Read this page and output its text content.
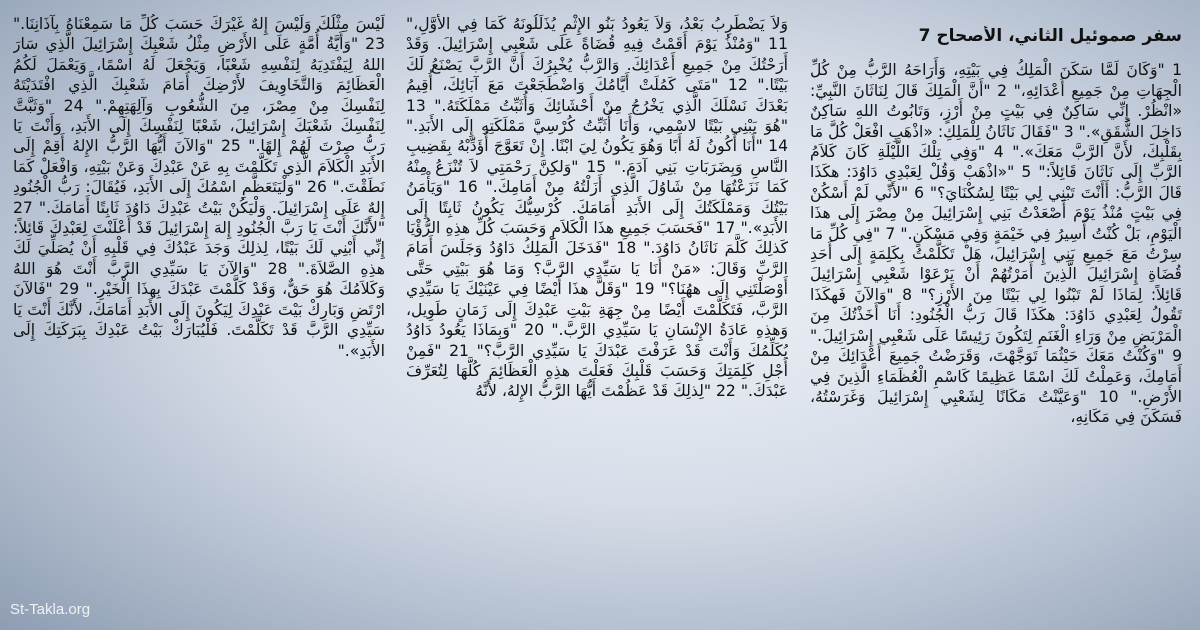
سفر صموئيل الثاني، الأصحاح 7
1 "وَكَانَ لَمَّا سَكَنَ الْمَلِكُ فِي بَيْتِهِ، وَأَرَاحَهُ الرَّبُّ مِنْ كُلِّ الْجِهَاتِ مِنْ جَمِيعِ أَعْدَائِهِ،" 2 "أَنَّ الْمَلِكَ قَالَ لِنَاثَانَ النَّبِيِّ: «انْظُرْ. إِنِّي سَاكِنٌ فِي بَيْتٍ مِنْ أَرْزٍ، وَتَابُوتُ اللهِ سَاكِنٌ دَاخِلَ الشُّقَقِ»." 3 "فَقَالَ نَاثَانُ لِلْمَلِكِ: «اذْهَبِ افْعَلْ كُلَّ مَا بِقَلْبِكَ، لأَنَّ الرَّبَّ مَعَكَ»." 4 "وَفِي تِلْكَ اللَّيْلَةِ كَانَ كَلاَمُ الرَّبِّ إِلَى نَاثَانَ قَائِلاً:" 5 "«اذْهَبْ وَقُلْ لِعَبْدِي دَاوُدَ: هكَذَا قَالَ الرَّبُّ: أَأَنْتَ تَبْنِي لِي بَيْتًا لِسُكْنَايَ؟" 6 "لأَنِّي لَمْ أَسْكُنْ فِي بَيْتٍ مُنْذُ يَوْمَ أَصْعَدْتُ بَنِي إِسْرَائِيلَ مِنْ مِصْرَ إِلَى هذَا الْيَوْمِ، بَلْ كُنْتُ أَسِيرُ فِي خَيْمَةٍ وَفِي مَسْكَنٍ." 7 "فِي كُلِّ مَا سِرْتُ مَعَ جَمِيعِ بَنِي إِسْرَائِيلَ، هَلْ تَكَلَّمْتُ بِكَلِمَةٍ إِلَى أَحَدِ قُضَاةِ إِسْرَائِيلَ الَّذِينَ أَمَرْتُهُمْ أَنْ يَرْعَوْا شَعْبِي إِسْرَائِيلَ قَائِلاً: لِمَاذَا لَمْ تَبْنُوا لِي بَيْتًا مِنَ الأَرْزِ؟" 8 "وَالآنَ فَهكَذَا تَقُولُ لِعَبْدِي دَاوُدَ: هكَذَا قَالَ رَبُّ الْجُنُودِ: أَنَا أَخَذْتُكَ مِنَ الْمَرْبَضِ مِنْ وَرَاءِ الْغَنَمِ لِتَكُونَ رَئِيسًا عَلَى شَعْبِي إِسْرَائِيلَ." 9 "وَكُنْتُ مَعَكَ حَيْثُمَا تَوَجَّهْتَ، وَقَرَضْتُ جَمِيعَ أَعْدَائِكَ مِنْ أَمَامِكَ، وَعَمِلْتُ لَكَ اسْمًا عَظِيمًا كَاسْمِ الْعُظَمَاءِ الَّذِينَ فِي الأَرْضِ." 10 "وَعَيَّنْتُ مَكَانًا لِشَعْبِي إِسْرَائِيلَ وَغَرَسْتُهُ، فَسَكَنَ فِي مَكَانِهِ،
وَلاَ يَضْطَرِبُ بَعْدُ، وَلاَ يَعُودُ بَنُو الإِثْمِ يُذَلِّلُونَهُ كَمَا فِي الأَوَّلِ،" 11 "وَمُنْذُ يَوْمَ أَقَمْتُ فِيهِ قُضَاةً عَلَى شَعْبِي إِسْرَائِيلَ. وَقَدْ أَرَحْتُكَ مِنْ جَمِيعِ أَعْدَائِكَ. وَالرَّبُّ يُخْبِرُكَ أَنَّ الرَّبَّ يَصْنَعُ لَكَ بَيْتًا." 12 "مَتَى كَمُلَتْ أَيَّامُكَ وَاضْطَجَعْتَ مَعَ آبَائِكَ، أُقِيمُ بَعْدَكَ نَسْلَكَ الَّذِي يَخْرُجُ مِنْ أَحْشَائِكَ وَأُثَبِّتُ مَمْلَكَتَهُ." 13 "هُوَ يَبْنِي بَيْتًا لاسْمِي، وَأَنَا أُثَبِّتُ كُرْسِيَّ مَمْلَكَتِهِ إِلَى الأَبَدِ." 14 "أَنَا أَكُونُ لَهُ أَبًا وَهُوَ يَكُونُ لِيَ ابْنًا. إِنْ تَعَوَّجَ أُؤَدِّبْهُ بِقَضِيبِ النَّاسِ وَبِضَرَبَاتِ بَنِي آدَمَ." 15 "وَلكِنَّ رَحْمَتِي لاَ تُنْزَعُ مِنْهُ كَمَا نَزَعْتُهَا مِنْ شَاوُلَ الَّذِي أَزَلْتُهُ مِنْ أَمَامِكَ." 16 "وَيَأْمَنُ بَيْتُكَ وَمَمْلَكَتُكَ إِلَى الأَبَدِ أَمَامَكَ. كُرْسِيُّكَ يَكُونُ ثَابِتًا إِلَى الأَبَدِ»." 17 "فَحَسَبَ جَمِيعِ هذَا الْكَلاَمِ وَحَسَبَ كُلِّ هذِهِ الرُّؤْيَا كَذلِكَ كَلَّمَ نَاثَانُ دَاوُدَ." 18 "فَدَخَلَ الْمَلِكُ دَاوُدُ وَجَلَسَ أَمَامَ الرَّبِّ وَقَالَ: «مَنْ أَنَا يَا سَيِّدِي الرَّبَّ؟ وَمَا هُوَ بَيْتِي حَتَّى أَوْصَلْتَنِي إِلَى ههُنَا؟" 19 "وَقَلَّ هذَا أَيْضًا فِي عَيْنَيْكَ يَا سَيِّدِي الرَّبَّ، فَتَكَلَّمْتَ أَيْضًا مِنْ جِهَةِ بَيْتِ عَبْدِكَ إِلَى زَمَانٍ طَوِيل، وَهذِهِ عَادَةُ الإِنْسَانِ يَا سَيِّدِي الرَّبَّ." 20 "وَبِمَاذَا يَعُودُ دَاوُدُ يُكَلِّمُكَ وَأَنْتَ قَدْ عَرَفْتَ عَبْدَكَ يَا سَيِّدِي الرَّبَّ؟" 21 "فَمِنْ أَجْلِ كَلِمَتِكَ وَحَسَبَ قَلْبِكَ فَعَلْتَ هذِهِ الْعَظَائِمَ كُلَّهَا لِتُعَرِّفَ عَبْدَكَ." 22 "لِذلِكَ قَدْ عَظُمْتَ أَيُّهَا الرَّبُّ الإِلهُ، لأَنَّهُ
لَيْسَ مِثْلُكَ وَلَيْسَ إِلهٌ غَيْرَكَ حَسَبَ كُلِّ مَا سَمِعْنَاهُ بِآذَانِنَا." 23 "وَأَيَّةُ أُمَّةٍ عَلَى الأَرْضِ مِثْلُ شَعْبِكَ إِسْرَائِيلَ الَّذِي سَارَ اللهُ لِيَفْتَدِيَهُ لِنَفْسِهِ شَعْبًا، وَيَجْعَلَ لَهُ اسْمًا، وَيَعْمَلَ لَكُمُ الْعَظَائِمَ وَالتَّخَاوِيفَ لأَرْضِكَ أَمَامَ شَعْبِكَ الَّذِي افْتَدَيْتَهُ لِنَفْسِكَ مِنْ مِصْرَ، مِنَ الشُّعُوبِ وَآلِهَتِهِمْ." 24 "وَثَبَّتَّ لِنَفْسِكَ شَعْبَكَ إِسْرَائِيلَ، شَعْبًا لِنَفْسِكَ إِلَى الأَبَدِ، وَأَنْتَ يَا رَبُّ صِرْتَ لَهُمْ إِلهًا." 25 "وَالآنَ أَيُّهَا الرَّبُّ الإِلهُ أَقِمْ إِلَى الأَبَدِ الْكَلاَمَ الَّذِي تَكَلَّمْتَ بِهِ عَنْ عَبْدِكَ وَعَنْ بَيْتِهِ، وَافْعَلْ كَمَا نَطَقْتَ." 26 "وَلْيَتَعَظَّمِ اسْمُكَ إِلَى الأَبَدِ، فَيُقَالَ: رَبُّ الْجُنُودِ إِلهٌ عَلَى إِسْرَائِيلَ. وَلْيَكُنْ بَيْتُ عَبْدِكَ دَاوُدَ ثَابِتًا أَمَامَكَ." 27 "لأَنَّكَ أَنْتَ يَا رَبَّ الْجُنُودِ إِلهَ إِسْرَائِيلَ قَدْ أَعْلَنْتَ لِعَبْدِكَ قَائِلاً: إِنِّي أَبْنِي لَكَ بَيْتًا، لِذلِكَ وَجَدَ عَبْدُكَ فِي قَلْبِهِ أَنْ يُصَلِّيَ لَكَ هذِهِ الصَّلاَةَ." 28 "وَالآنَ يَا سَيِّدِي الرَّبَّ أَنْتَ هُوَ اللهُ وَكَلاَمُكَ هُوَ حَقٌّ، وَقَدْ كَلَّمْتَ عَبْدَكَ بِهذَا الْخَيْرِ." 29 "فَالآنَ ارْتَضِ وَبَارِكْ بَيْتَ عَبْدِكَ لِيَكُونَ إِلَى الأَبَدِ أَمَامَكَ، لأَنَّكَ أَنْتَ يَا سَيِّدِي الرَّبَّ قَدْ تَكَلَّمْتَ. فَلْيُبَارَكْ بَيْتُ عَبْدِكَ بِبَرَكَتِكَ إِلَى الأَبَدِ»."
St-Takla.org
